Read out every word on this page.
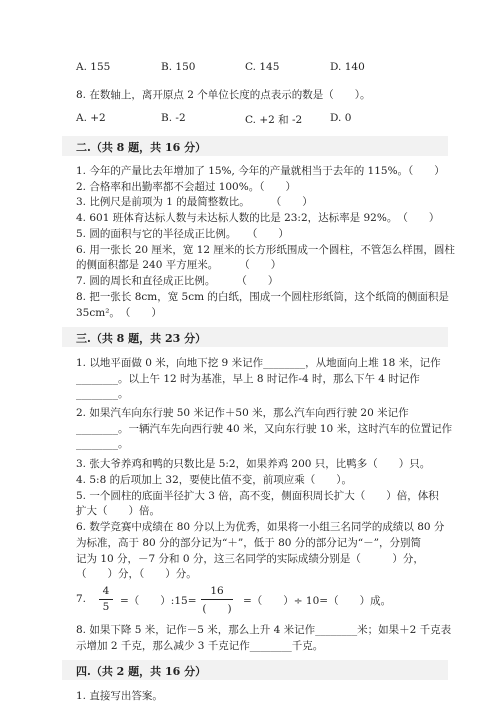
A. 155	B. 150	C. 145	D. 140
8. 在数轴上，离开原点 2 个单位长度的点表示的数是（　　）。
A. +2	B. -2	C. +2 和 -2	D. 0
二.（共 8 题，共 16 分）
1. 今年的产量比去年增加了 15%, 今年的产量就相当于去年的 115%。（　　）
2. 合格率和出勤率都不会超过 100%。（　　）
3. 比例尺是前项为 1 的最简整数比。　　　（　　）
4. 601 班体育达标人数与未达标人数的比是 23:2，达标率是 92%。　（　　）
5. 圆的面积与它的半径成正比例。　　（　　）
6. 用一张长 20 厘米，宽 12 厘米的长方形纸围成一个圆柱，不管怎么样围，圆柱
的侧面积都是 240 平方厘米。　　　（　　）
7. 圆的周长和直径成正比例。　　　（　　）
8. 把一张长 8cm，宽 5cm 的白纸，围成一个圆柱形纸筒，这个纸筒的侧面积是
35cm²。　（　　）
三.（共 8 题，共 23 分）
1. 以地平面做 0 米，向地下挖 9 米记作________，从地面向上堆 18 米，记作
________。以上午 12 时为基准，早上 8 时记作-4 时，那么下午 4 时记作
________。
2. 如果汽车向东行驶 50 米记作＋50 米，那么汽车向西行驶 20 米记作
________。一辆汽车先向西行驶 40 米，又向东行驶 10 米，这时汽车的位置记作
________。
3. 张大爷养鸡和鸭的只数比是 5:2，如果养鸡 200 只，比鸭多（　　）只。
4. 5:8 的后项加上 32，要使比值不变，前项应乘（　　）。
5. 一个圆柱的底面半径扩大 3 倍，高不变，侧面积周长扩大（　　）倍，体积
扩大（　　）倍。
6. 数学竞赛中成绩在 80 分以上为优秀，如果将一小组三名同学的成绩以 80 分
为标准，高于 80 分的部分记为“＋”，低于 80 分的部分记为“－”，分别简
记为 10 分，－7 分和 0 分，这三名同学的实际成绩分别是（　　　）分，
（　　）分，（　　）分。
7.
4
5 =（　　）:15=
16
(　　)
=（　　）÷ 10=（　　）成。
8. 如果下降 5 米，记作－5 米，那么上升 4 米记作________米；如果＋2 千克表
示增加 2 千克，那么减少 3 千克记作________千克。
四.（共 2 题，共 16 分）
1. 直接写出答案。
